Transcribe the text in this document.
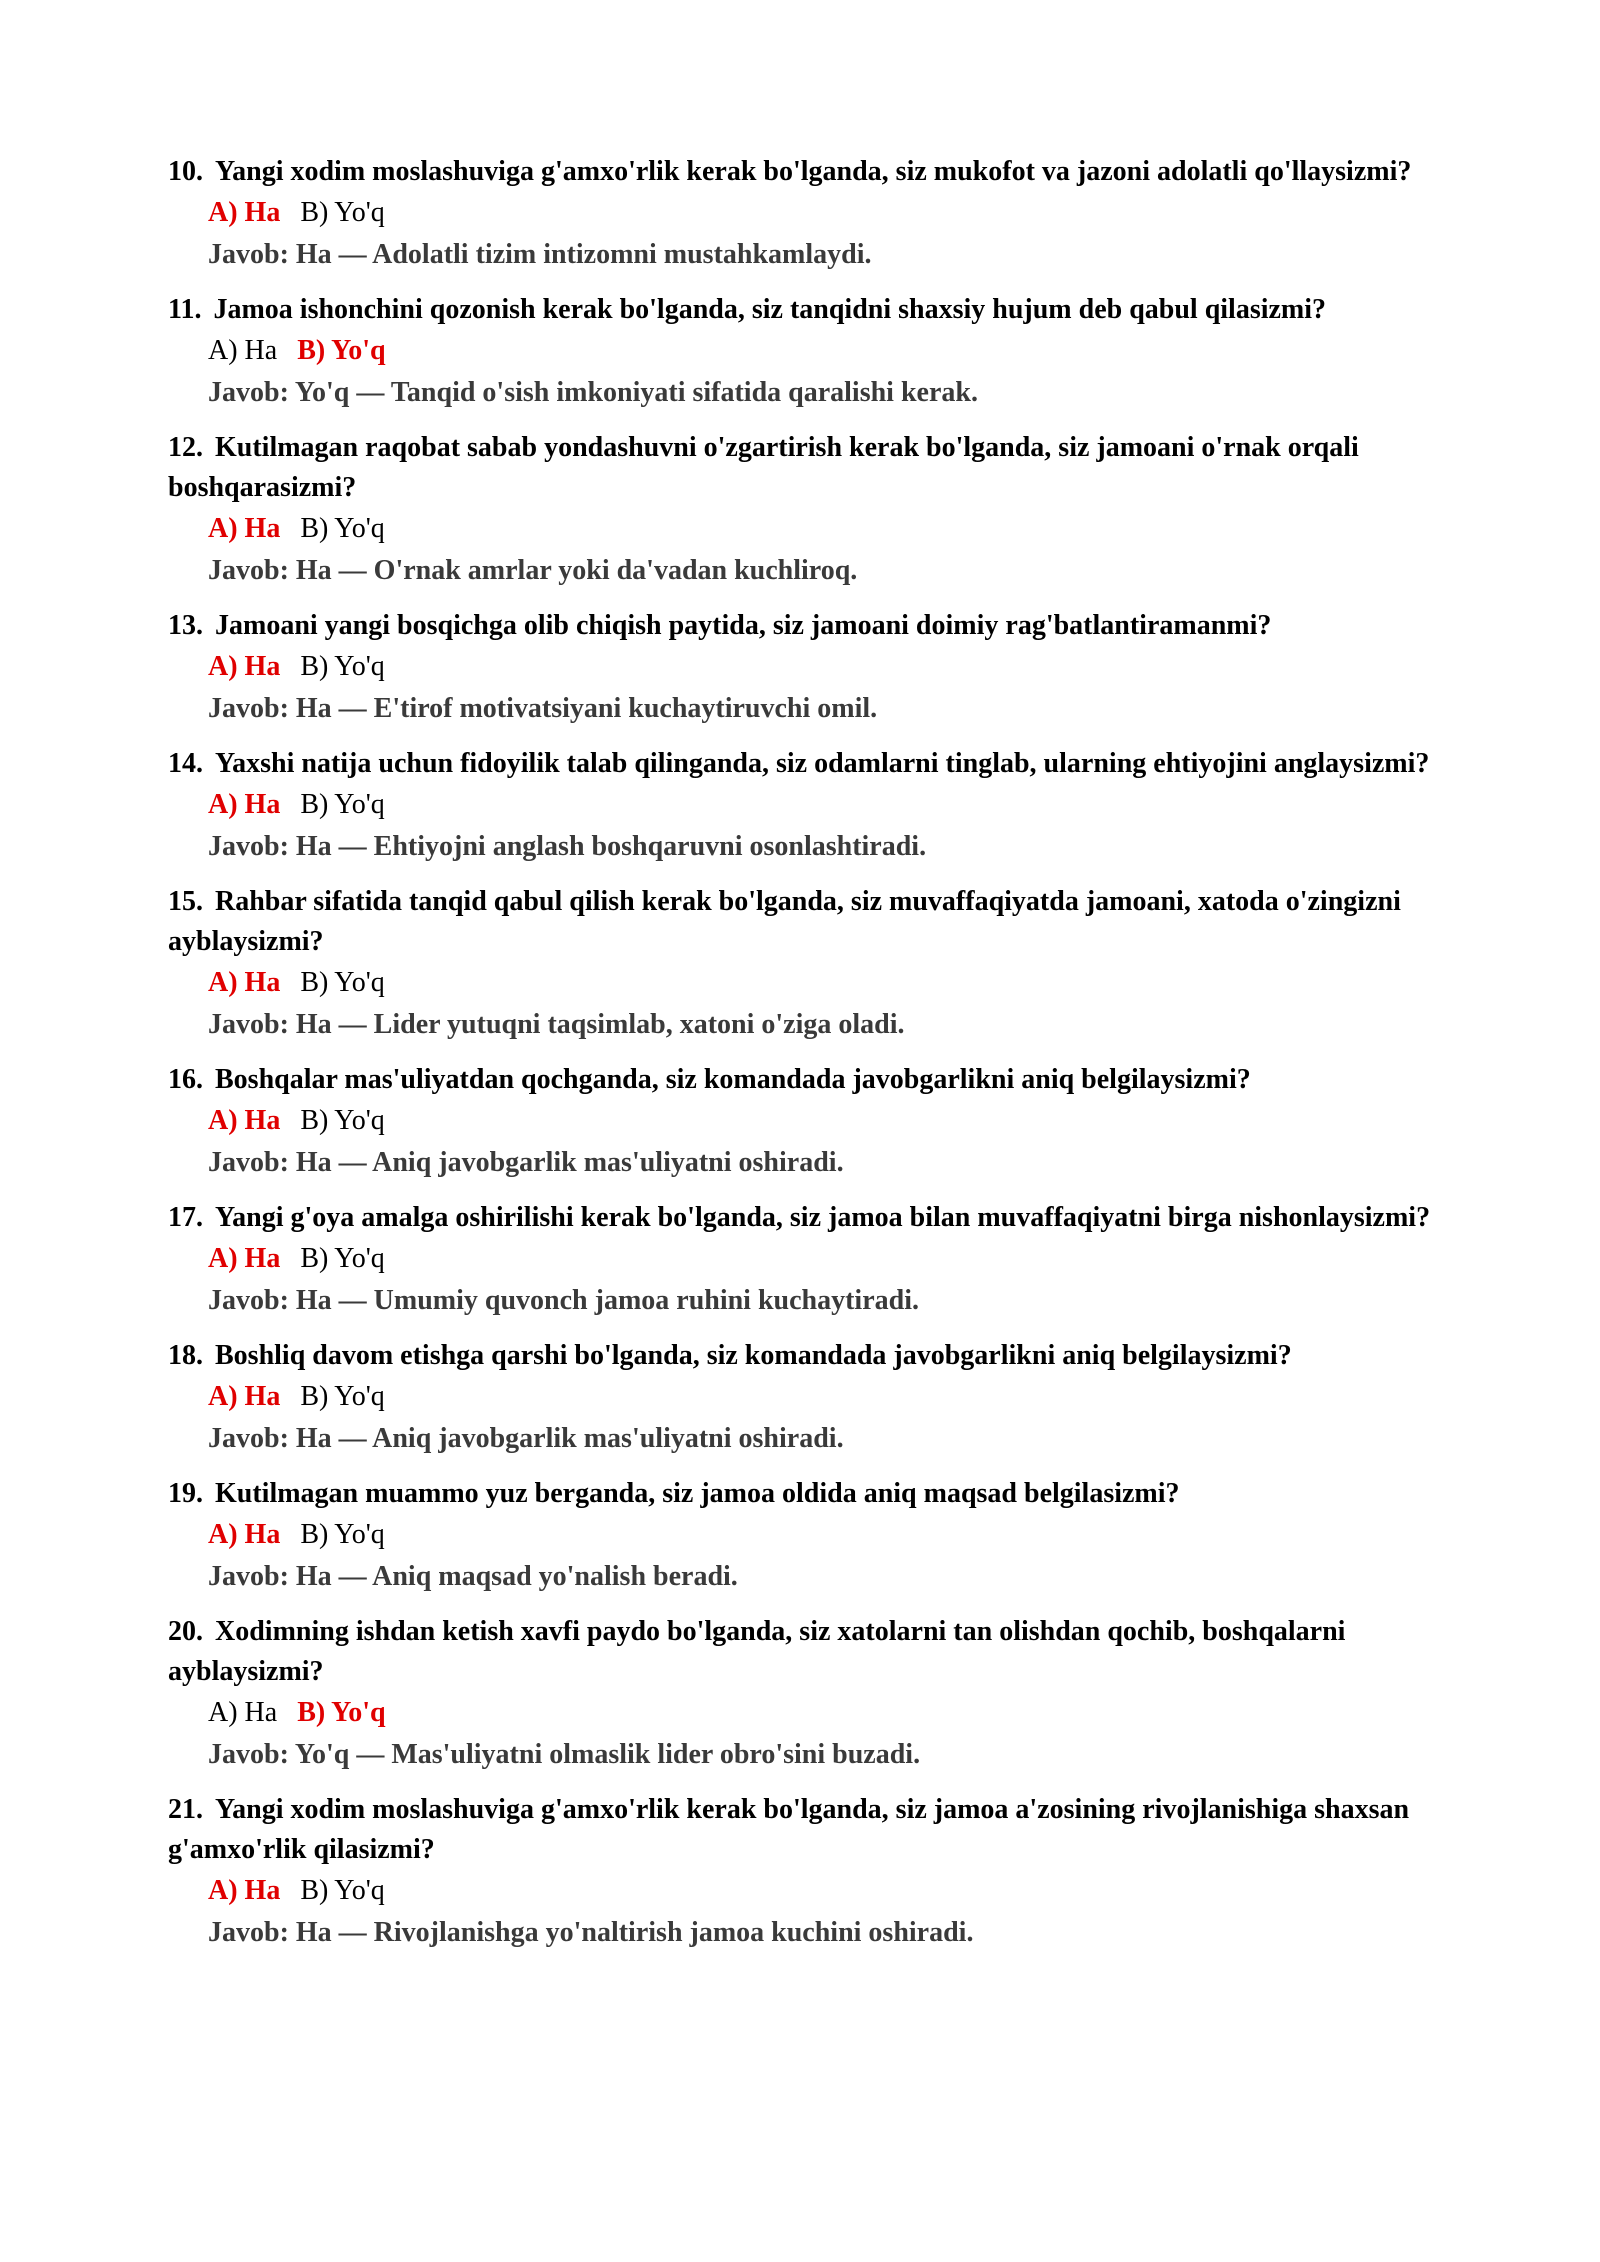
10. Yangi xodim moslashuviga g'amxo'rlik kerak bo'lganda, siz mukofot va jazoni adolatli qo'llaysizmi?
A) Ha B) Yo'q
Javob: Ha — Adolatli tizim intizomni mustahkamlaydi.
11. Jamoa ishonchini qozonish kerak bo'lganda, siz tanqidni shaxsiy hujum deb qabul qilasizmi?
A) Ha B) Yo'q
Javob: Yo'q — Tanqid o'sish imkoniyati sifatida qaralishi kerak.
12. Kutilmagan raqobat sabab yondashuvni o'zgartirish kerak bo'lganda, siz jamoani o'rnak orqali boshqarasizmi?
A) Ha B) Yo'q
Javob: Ha — O'rnak amrlar yoki da'vadan kuchliroq.
13. Jamoani yangi bosqichga olib chiqish paytida, siz jamoani doimiy rag'batlantiramanmi?
A) Ha B) Yo'q
Javob: Ha — E'tirof motivatsiyani kuchaytiruvchi omil.
14. Yaxshi natija uchun fidoyilik talab qilinganda, siz odamlarni tinglab, ularning ehtiyojini anglaysizmi?
A) Ha B) Yo'q
Javob: Ha — Ehtiyojni anglash boshqaruvni osonlashtiradi.
15. Rahbar sifatida tanqid qabul qilish kerak bo'lganda, siz muvaffaqiyatda jamoani, xatoda o'zingizni ayblaysizmi?
A) Ha B) Yo'q
Javob: Ha — Lider yutuqni taqsimlab, xatoni o'ziga oladi.
16. Boshqalar mas'uliyatdan qochganda, siz komandada javobgarlikni aniq belgilaysizmi?
A) Ha B) Yo'q
Javob: Ha — Aniq javobgarlik mas'uliyatni oshiradi.
17. Yangi g'oya amalga oshirilishi kerak bo'lganda, siz jamoa bilan muvaffaqiyatni birga nishonlaysizmi?
A) Ha B) Yo'q
Javob: Ha — Umumiy quvonch jamoa ruhini kuchaytiradi.
18. Boshliq davom etishga qarshi bo'lganda, siz komandada javobgarlikni aniq belgilaysizmi?
A) Ha B) Yo'q
Javob: Ha — Aniq javobgarlik mas'uliyatni oshiradi.
19. Kutilmagan muammo yuz berganda, siz jamoa oldida aniq maqsad belgilasizmi?
A) Ha B) Yo'q
Javob: Ha — Aniq maqsad yo'nalish beradi.
20. Xodimning ishdan ketish xavfi paydo bo'lganda, siz xatolarni tan olishdan qochib, boshqalarni ayblaysizmi?
A) Ha B) Yo'q
Javob: Yo'q — Mas'uliyatni olmaslik lider obro'sini buzadi.
21. Yangi xodim moslashuviga g'amxo'rlik kerak bo'lganda, siz jamoa a'zosining rivojlanishiga shaxsan g'amxo'rlik qilasizmi?
A) Ha B) Yo'q
Javob: Ha — Rivojlanishga yo'naltirish jamoa kuchini oshiradi.
